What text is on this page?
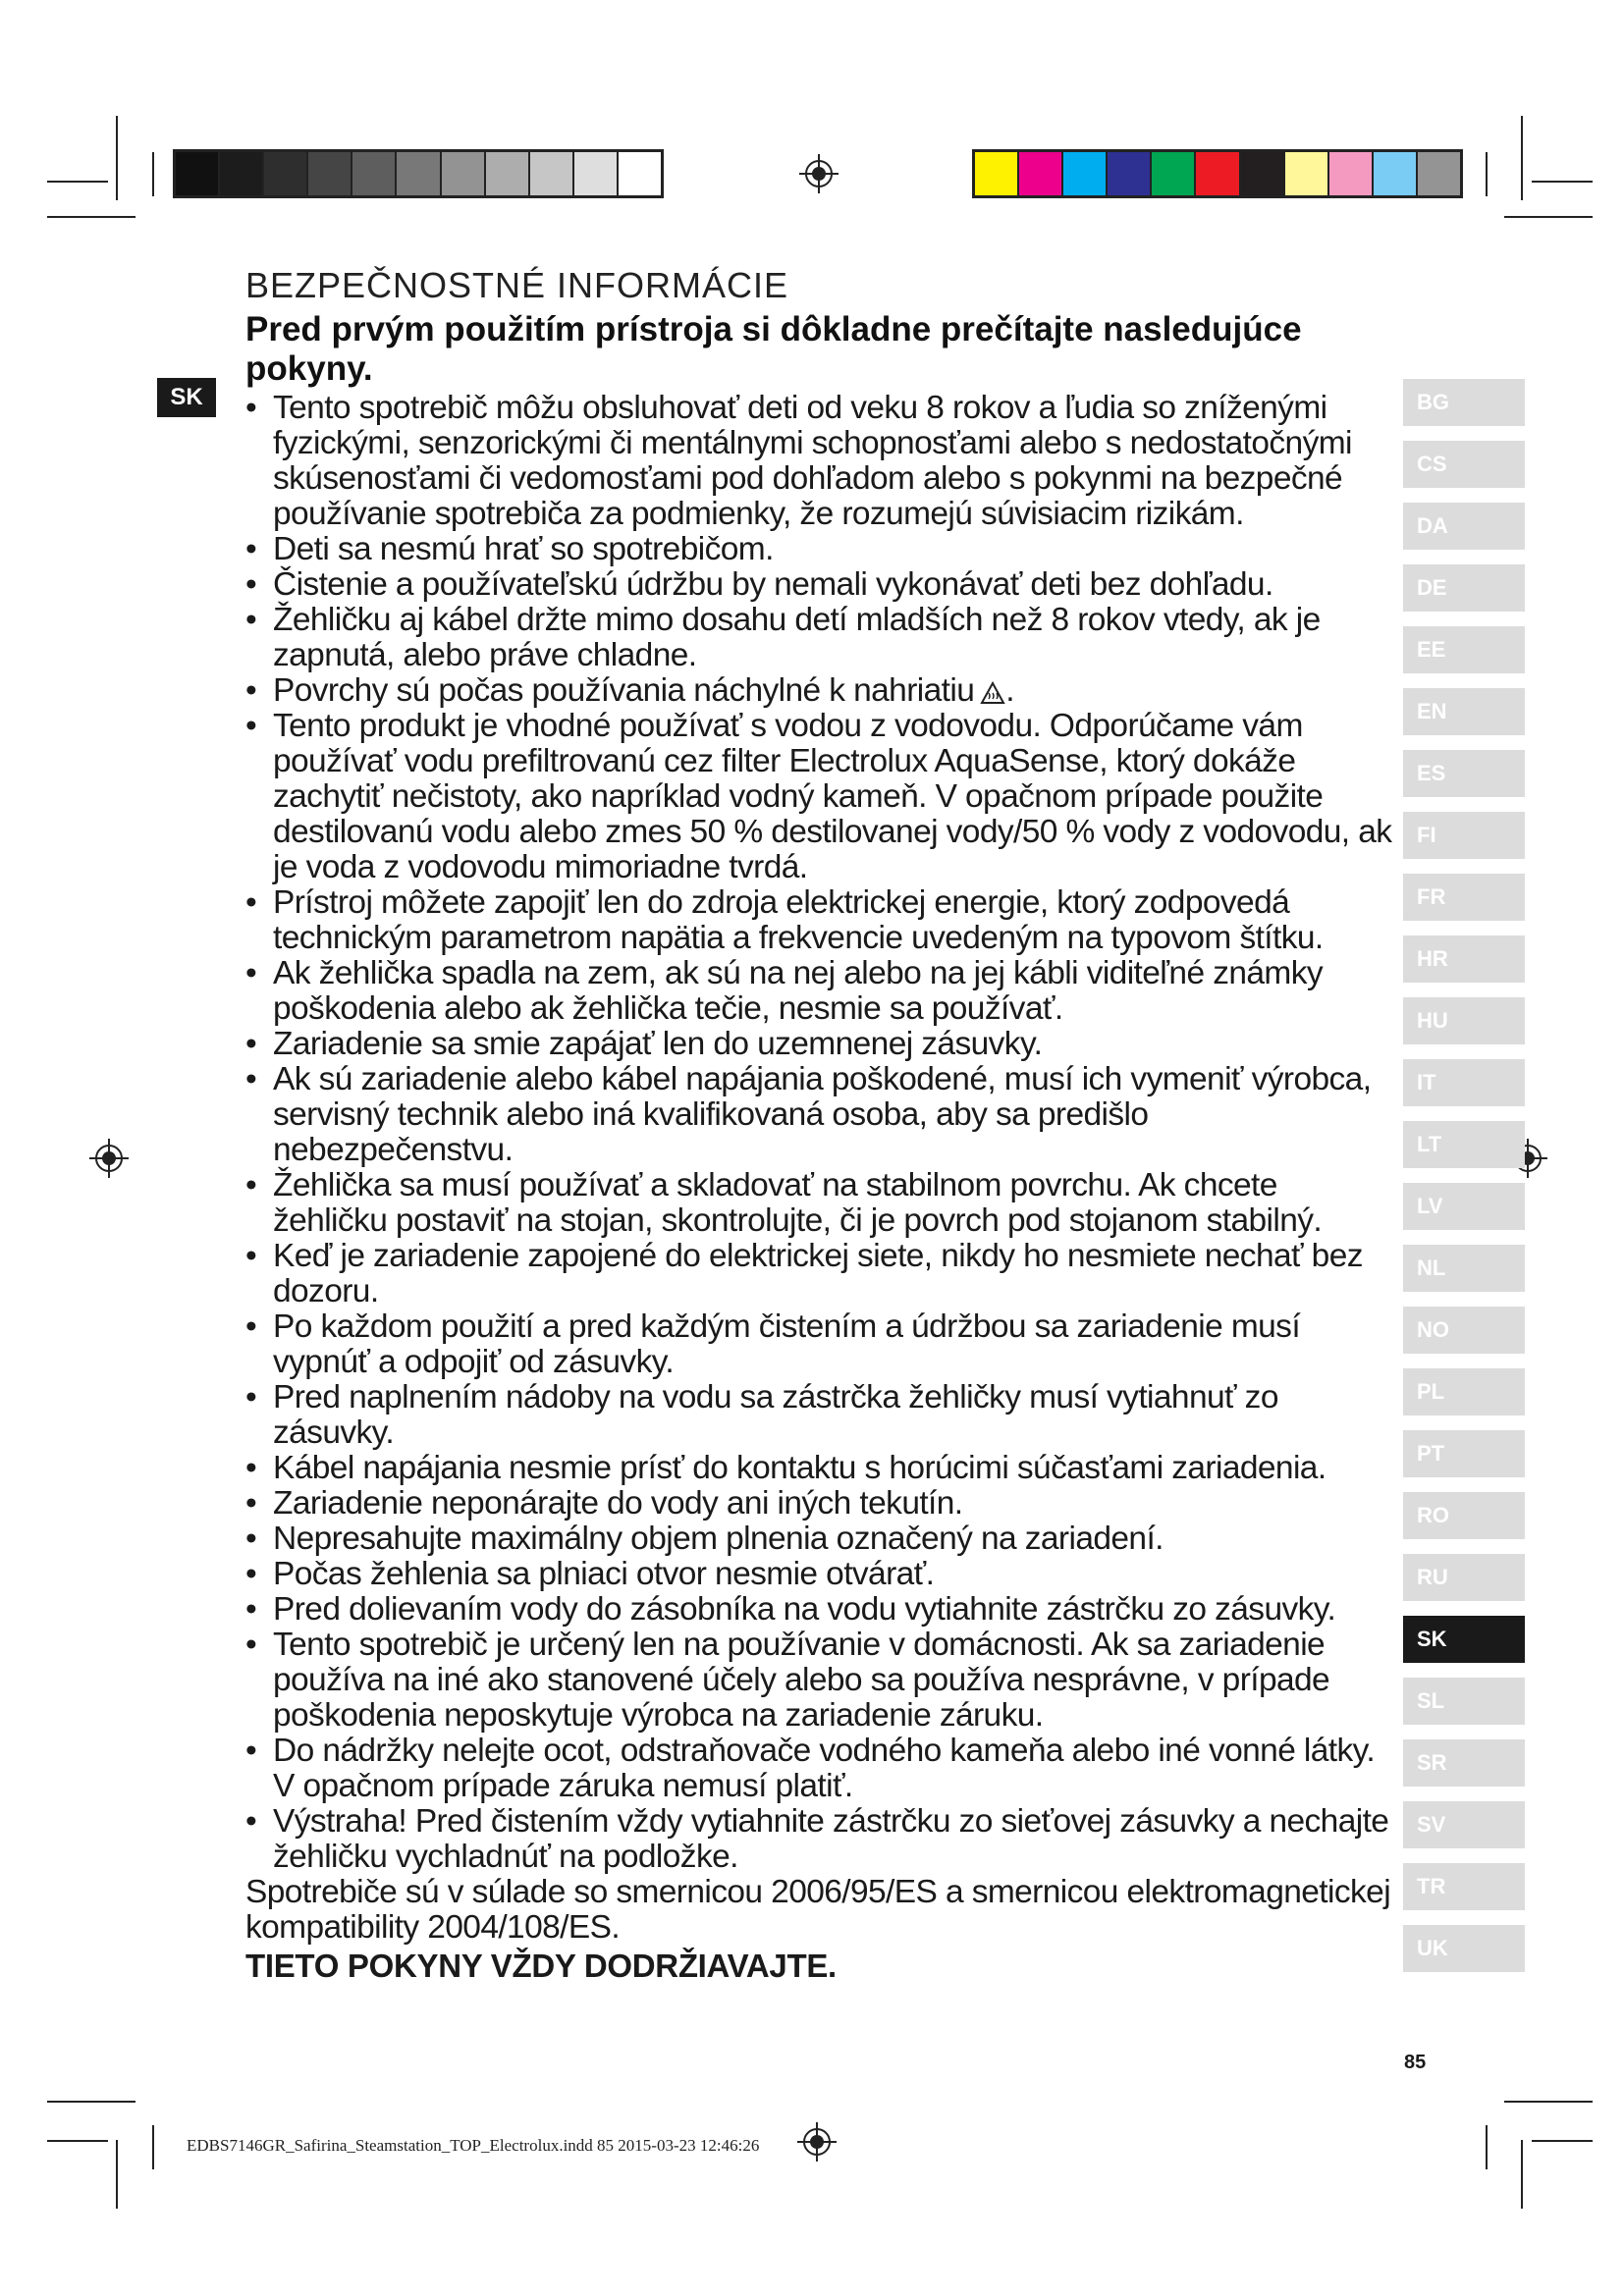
SK
BEZPEČNOSTNÉ INFORMÁCIE
Pred prvým použitím prístroja si dôkladne prečítajte nasledujúce pokyny.
• Tento spotrebič môžu obsluhovať deti od veku 8 rokov a ľudia so zníženými fyzickými, senzorickými či mentálnymi schopnosťami alebo s nedostatočnými skúsenosťami či vedomosťami pod dohľadom alebo s pokynmi na bezpečné používanie spotrebiča za podmienky, že rozumejú súvisiacim rizikám.
• Deti sa nesmú hrať so spotrebičom.
• Čistenie a používateľskú údržbu by nemali vykonávať deti bez dohľadu.
• Žehličku aj kábel držte mimo dosahu detí mladších než 8 rokov vtedy, ak je zapnutá, alebo práve chladne.
• Povrchy sú počas používania náchylné k nahriatiu .
• Tento produkt je vhodné používať s vodou z vodovodu. Odporúčame vám používať vodu prefiltrovanú cez filter Electrolux AquaSense, ktorý dokáže zachytiť nečistoty, ako napríklad vodný kameň. V opačnom prípade použite destilovanú vodu alebo zmes 50 % destilovanej vody/50 % vody z vodovodu, ak je voda z vodovodu mimoriadne tvrdá.
• Prístroj môžete zapojiť len do zdroja elektrickej energie, ktorý zodpovedá technickým parametrom napätia a frekvencie uvedeným na typovom štítku.
• Ak žehlička spadla na zem, ak sú na nej alebo na jej kábli viditeľné známky poškodenia alebo ak žehlička tečie, nesmie sa používať.
• Zariadenie sa smie zapájať len do uzemnenej zásuvky.
• Ak sú zariadenie alebo kábel napájania poškodené, musí ich vymeniť výrobca, servisný technik alebo iná kvalifikovaná osoba, aby sa predišlo nebezpečenstvu.
• Žehlička sa musí používať a skladovať na stabilnom povrchu. Ak chcete žehličku postaviť na stojan, skontrolujte, či je povrch pod stojanom stabilný.
• Keď je zariadenie zapojené do elektrickej siete, nikdy ho nesmiete nechať bez dozoru.
• Po každom použití a pred každým čistením a údržbou sa zariadenie musí vypnúť a odpojiť od zásuvky.
• Pred naplnením nádoby na vodu sa zástrčka žehličky musí vytiahnuť zo zásuvky.
• Kábel napájania nesmie prísť do kontaktu s horúcimi súčasťami zariadenia.
• Zariadenie neponárajte do vody ani iných tekutín.
• Nepresahujte maximálny objem plnenia označený na zariadení.
• Počas žehlenia sa plniaci otvor nesmie otvárať.
• Pred dolievaním vody do zásobníka na vodu vytiahnite zástrčku zo zásuvky.
• Tento spotrebič je určený len na používanie v domácnosti. Ak sa zariadenie používa na iné ako stanovené účely alebo sa používa nesprávne, v prípade poškodenia neposkytuje výrobca na zariadenie záruku.
• Do nádržky nelejte ocot, odstraňovače vodného kameňa alebo iné vonné látky. V opačnom prípade záruka nemusí platiť.
• Výstraha! Pred čistením vždy vytiahnite zástrčku zo sieťovej zásuvky a nechajte žehličku vychladnúť na podložke.

Spotrebiče sú v súlade so smernicou 2006/95/ES a smernicou elektromagnetickej kompatibility 2004/108/ES.

TIETO POKYNY VŽDY DODRŽIAVAJTE.

BG
CS
DA
DE
EE
EN
ES
FI
FR
HR
HU
IT
LT
LV
NL
NO
PL
PT
RO
RU
SK
SL
SR
SV
TR
UK
85
EDBS7146GR_Safirina_Steamstation_TOP_Electrolux.indd 85 2015-03-23 12:46:26
